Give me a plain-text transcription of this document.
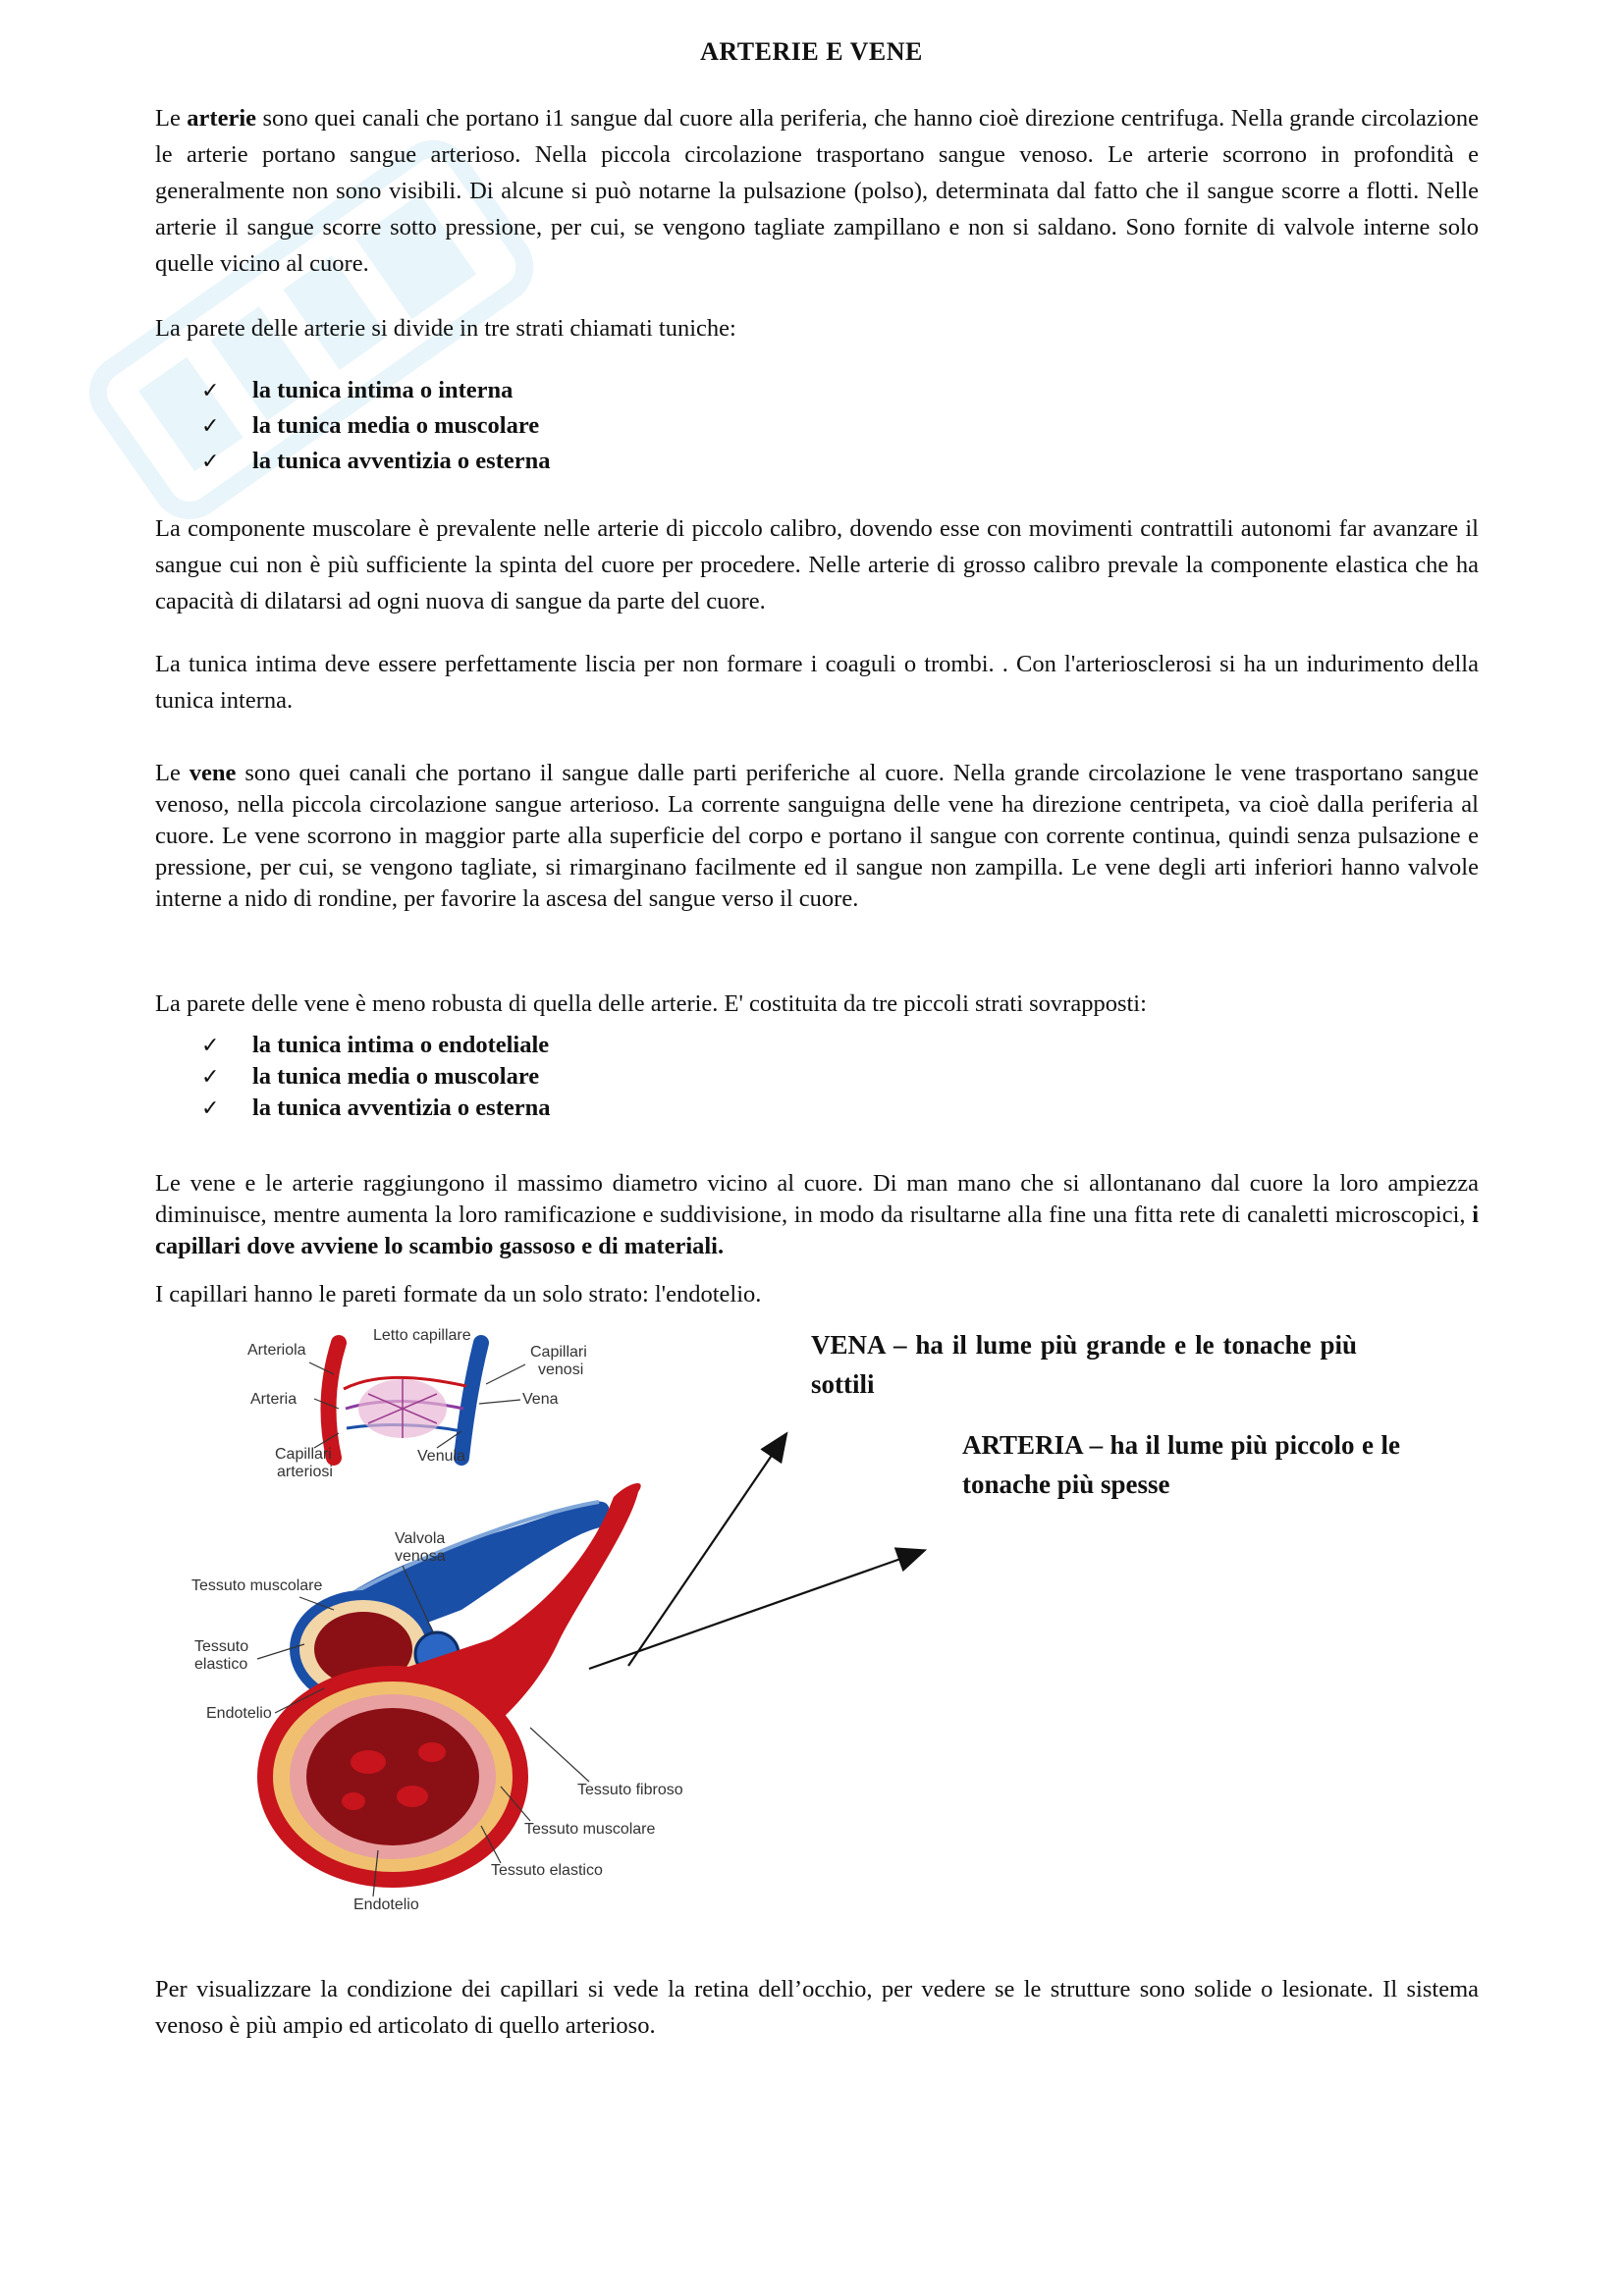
ARTERIE E VENE

Le arterie sono quei canali che portano i1 sangue dal cuore alla periferia, che hanno cioè direzione centrifuga. Nella grande circolazione le arterie portano sangue arterioso. Nella piccola circolazione trasportano sangue venoso. Le arterie scorrono in profondità e generalmente non sono visibili. Di alcune si può notarne la pulsazione (polso), determinata dal fatto che il sangue scorre a flotti. Nelle arterie il sangue scorre sotto pressione, per cui, se vengono tagliate zampillano e non si saldano. Sono fornite di valvole interne solo quelle vicino al cuore.

La parete delle arterie si divide in tre strati chiamati tuniche:

✓ la tunica intima o interna
✓ la tunica media o muscolare
✓ la tunica avventizia o esterna

La componente muscolare è prevalente nelle arterie di piccolo calibro, dovendo esse con movimenti contrattili autonomi far avanzare il sangue cui non è più sufficiente la spinta del cuore per procedere. Nelle arterie di grosso calibro prevale la componente elastica che ha capacità di dilatarsi ad ogni nuova di sangue da parte del cuore.

La tunica intima deve essere perfettamente liscia per non formare i coaguli o trombi. . Con l'arteriosclerosi si ha un indurimento della tunica interna.

Le vene sono quei canali che portano il sangue dalle parti periferiche al cuore. Nella grande circolazione le vene trasportano sangue venoso, nella piccola circolazione sangue arterioso. La corrente sanguigna delle vene ha direzione centripeta, va cioè dalla periferia al cuore. Le vene scorrono in maggior parte alla superficie del corpo e portano il sangue con corrente continua, quindi senza pulsazione e pressione, per cui, se vengono tagliate, si rimarginano facilmente ed il sangue non zampilla. Le vene degli arti inferiori hanno valvole interne a nido di rondine, per favorire la ascesa del sangue verso il cuore.

La parete delle vene è meno robusta di quella delle arterie. E' costituita da tre piccoli strati sovrapposti:

✓ la tunica intima o endoteliale
✓ la tunica media o muscolare
✓ la tunica avventizia o esterna

Le vene e le arterie raggiungono il massimo diametro vicino al cuore. Di man mano che si allontanano dal cuore la loro ampiezza diminuisce, mentre aumenta la loro ramificazione e suddivisione, in modo da risultarne alla fine una fitta rete di canaletti microscopici, i capillari dove avviene lo scambio gassoso e di materiali.

I capillari hanno le pareti formate da un solo strato: l'endotelio.

Arteriola
Letto capillare
Capillari
venosi
Arteria	Vena
Capillari
arteriosi
Venula
Valvola
venosa
Tessuto muscolare
Tessuto
elastico
Endotelio
Tessuto fibroso
Tessuto muscolare
Tessuto elastico
Endotelio

VENA – ha il lume più grande e le tonache più sottili

ARTERIA – ha il lume più piccolo e le tonache più spesse

Per visualizzare la condizione dei capillari si vede la retina dell’occhio, per vedere se le strutture sono solide o lesionate. Il sistema venoso è più ampio ed articolato di quello arterioso.
